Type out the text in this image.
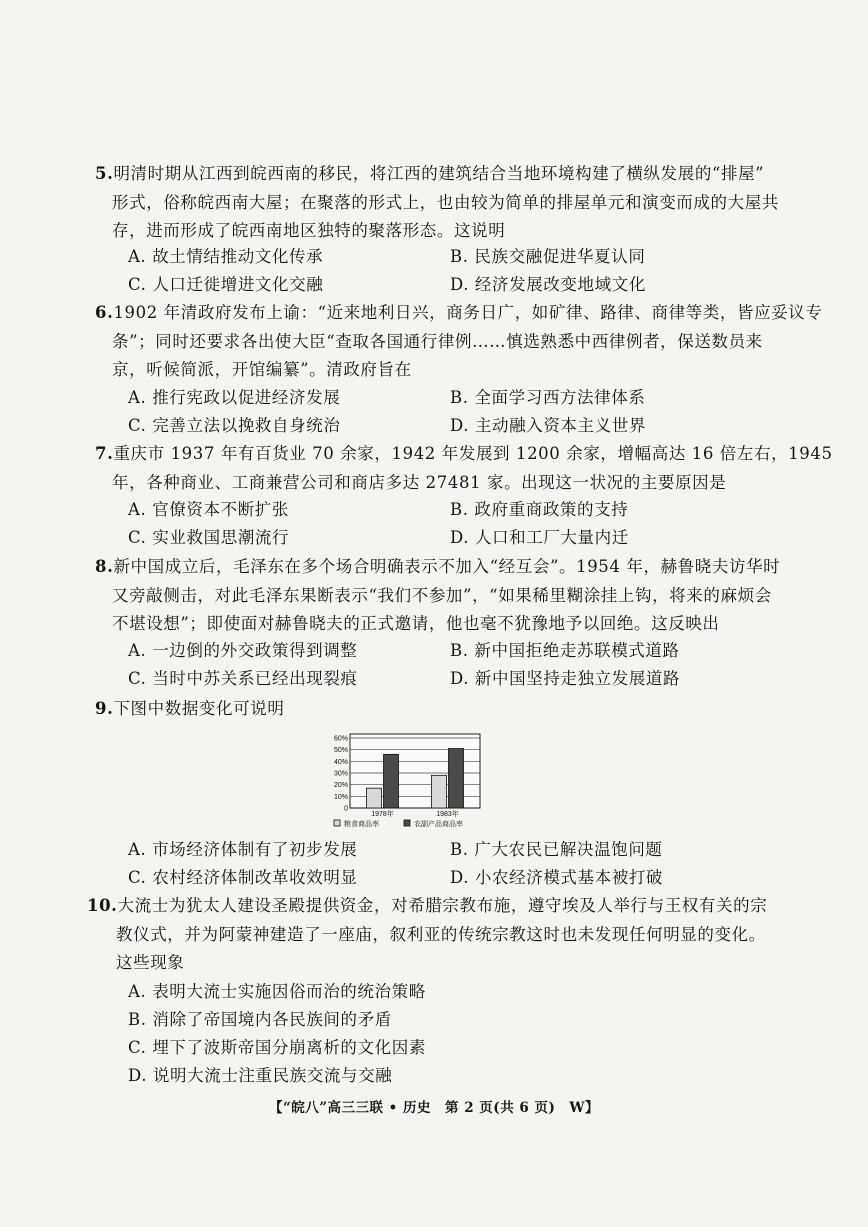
5.明清时期从江西到皖西南的移民，将江西的建筑结合当地环境构建了横纵发展的“排屋”
形式，俗称皖西南大屋；在聚落的形式上，也由较为简单的排屋单元和演变而成的大屋共
存，进而形成了皖西南地区独特的聚落形态。这说明
A. 故土情结推动文化传承	B. 民族交融促进华夏认同
C. 人口迁徙增进文化交融	D. 经济发展改变地域文化
6.1902 年清政府发布上谕：“近来地利日兴，商务日广，如矿律、路律、商律等类，皆应妥议专
条”；同时还要求各出使大臣“查取各国通行律例……慎选熟悉中西律例者，保送数员来
京，听候简派，开馆编纂”。清政府旨在
A. 推行宪政以促进经济发展	B. 全面学习西方法律体系
C. 完善立法以挽救自身统治	D. 主动融入资本主义世界
7.重庆市 1937 年有百货业 70 余家，1942 年发展到 1200 余家，增幅高达 16 倍左右，1945
年，各种商业、工商兼营公司和商店多达 27481 家。出现这一状况的主要原因是
A. 官僚资本不断扩张	B. 政府重商政策的支持
C. 实业救国思潮流行	D. 人口和工厂大量内迁
8.新中国成立后，毛泽东在多个场合明确表示不加入“经互会”。1954 年，赫鲁晓夫访华时
又旁敲侧击，对此毛泽东果断表示“我们不参加”，“如果稀里糊涂挂上钩，将来的麻烦会
不堪设想”；即使面对赫鲁晓夫的正式邀请，他也毫不犹豫地予以回绝。这反映出
A. 一边倒的外交政策得到调整	B. 新中国拒绝走苏联模式道路
C. 当时中苏关系已经出现裂痕	D. 新中国坚持走独立发展道路
9.下图中数据变化可说明
60%
50%
40%
30%
20%
10%
0
1978年	1983年
粮食商品率	农副产品商品率
A. 市场经济体制有了初步发展	B. 广大农民已解决温饱问题
C. 农村经济体制改革收效明显	D. 小农经济模式基本被打破
10.大流士为犹太人建设圣殿提供资金，对希腊宗教布施，遵守埃及人举行与王权有关的宗
教仪式，并为阿蒙神建造了一座庙，叙利亚的传统宗教这时也未发现任何明显的变化。
这些现象
A. 表明大流士实施因俗而治的统治策略
B. 消除了帝国境内各民族间的矛盾
C. 埋下了波斯帝国分崩离析的文化因素
D. 说明大流士注重民族交流与交融
【“皖八”高三三联 • 历史　第 2 页(共 6 页)　W】
